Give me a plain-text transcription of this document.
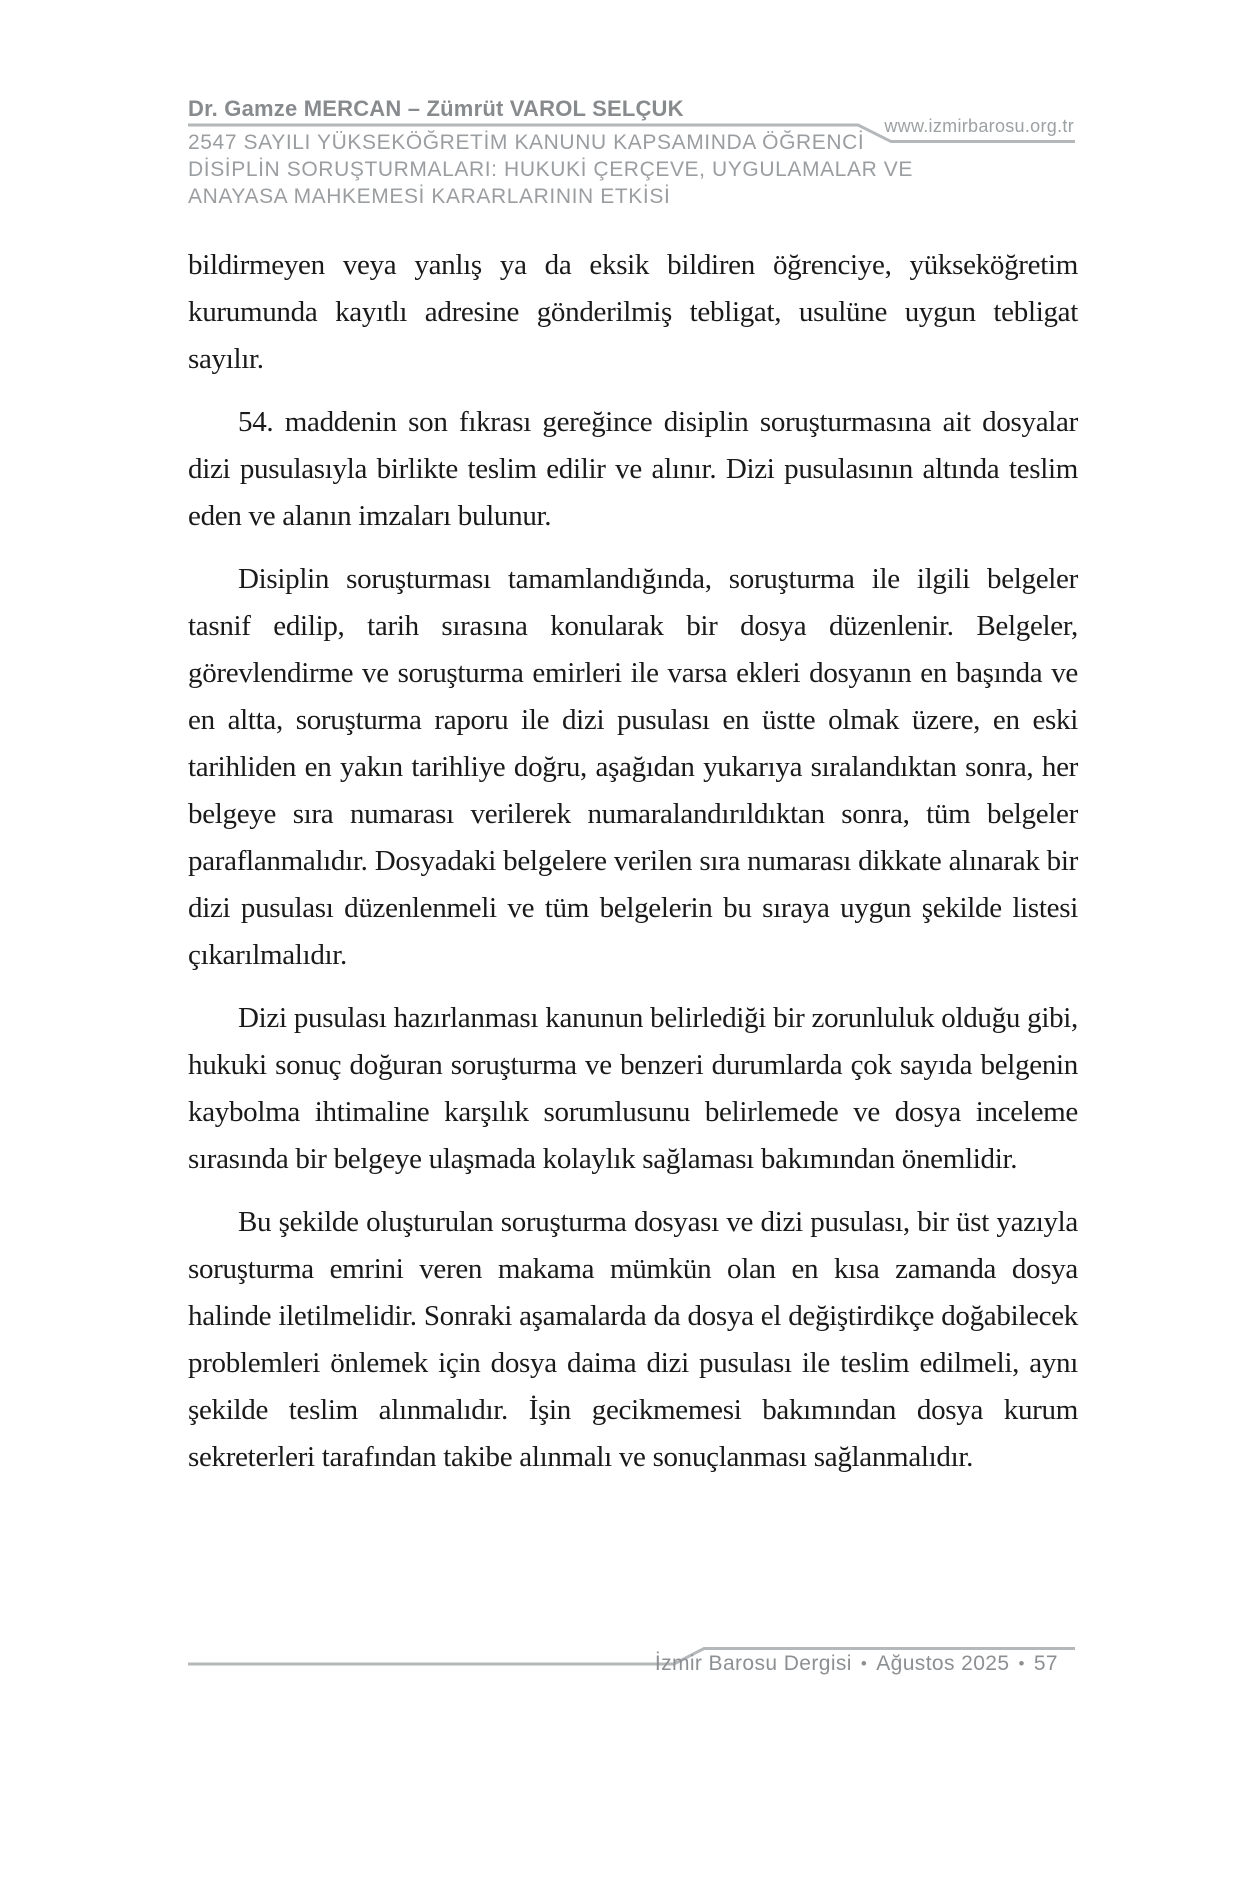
Dr. Gamze MERCAN – Zümrüt VAROL SELÇUK
www.izmirbarosu.org.tr
2547 SAYILI YÜKSEKÖĞRETİM KANUNU KAPSAMINDA ÖĞRENCİ
DİSİPLİN SORUŞTURMALARI: HUKUKİ ÇERÇEVE, UYGULAMALAR VE
ANAYASA MAHKEMESİ KARARLARININ ETKİSİ

bildirmeyen veya yanlış ya da eksik bildiren öğrenciye, yükseköğretim kurumunda kayıtlı adresine gönderilmiş tebligat, usulüne uygun tebligat sayılır.

54. maddenin son fıkrası gereğince disiplin soruşturmasına ait dosyalar dizi pusulasıyla birlikte teslim edilir ve alınır. Dizi pusulasının altında teslim eden ve alanın imzaları bulunur.

Disiplin soruşturması tamamlandığında, soruşturma ile ilgili belgeler tasnif edilip, tarih sırasına konularak bir dosya düzenlenir. Belgeler, görevlendirme ve soruşturma emirleri ile varsa ekleri dosyanın en başında ve en altta, soruşturma raporu ile dizi pusulası en üstte olmak üzere, en eski tarihliden en yakın tarihliye doğru, aşağıdan yukarıya sıralandıktan sonra, her belgeye sıra numarası verilerek numaralandırıldıktan sonra, tüm belgeler paraflanmalıdır. Dosyadaki belgelere verilen sıra numarası dikkate alınarak bir dizi pusulası düzenlenmeli ve tüm belgelerin bu sıraya uygun şekilde listesi çıkarılmalıdır.

Dizi pusulası hazırlanması kanunun belirlediği bir zorunluluk olduğu gibi, hukuki sonuç doğuran soruşturma ve benzeri durumlarda çok sayıda belgenin kaybolma ihtimaline karşılık sorumlusunu belirlemede ve dosya inceleme sırasında bir belgeye ulaşmada kolaylık sağlaması bakımından önemlidir.

Bu şekilde oluşturulan soruşturma dosyası ve dizi pusulası, bir üst yazıyla soruşturma emrini veren makama mümkün olan en kısa zamanda dosya halinde iletilmelidir. Sonraki aşamalarda da dosya el değiştirdikçe doğabilecek problemleri önlemek için dosya daima dizi pusulası ile teslim edilmeli, aynı şekilde teslim alınmalıdır. İşin gecikmemesi bakımından dosya kurum sekreterleri tarafından takibe alınmalı ve sonuçlanması sağlanmalıdır.

İzmir Barosu Dergisi • Ağustos 2025 • 57
